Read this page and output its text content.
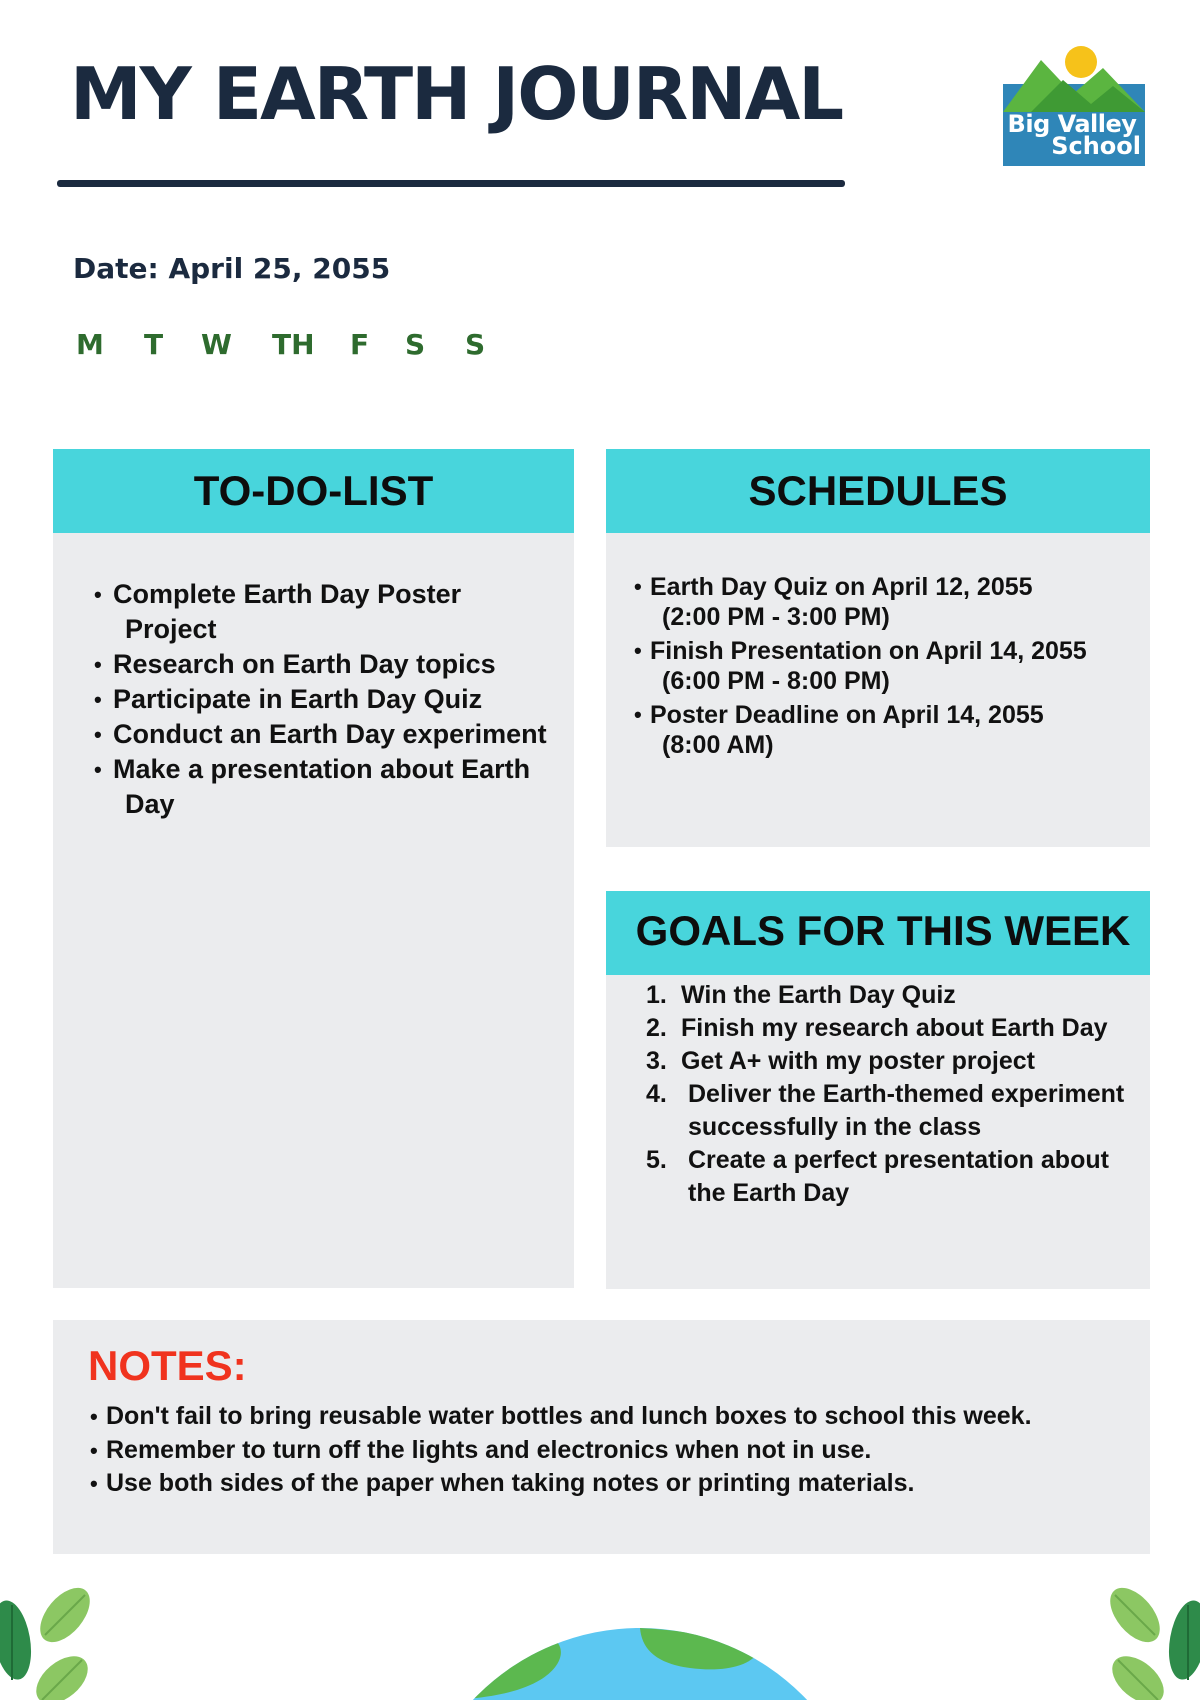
MY EARTH JOURNAL	Big Valley
School
Date: April 25, 2055
M T W TH F S S
TO-DO-LIST
• Complete Earth Day Poster Project
• Research on Earth Day topics
• Participate in Earth Day Quiz
• Conduct an Earth Day experiment
• Make a presentation about Earth Day
SCHEDULES
• Earth Day Quiz on April 12, 2055
(2:00 PM - 3:00 PM)
• Finish Presentation on April 14, 2055
(6:00 PM - 8:00 PM)
• Poster Deadline on April 14, 2055
(8:00 AM)
GOALS FOR THIS WEEK
1. Win the Earth Day Quiz
2. Finish my research about Earth Day
3. Get A+ with my poster project
4. Deliver the Earth-themed experiment successfully in the class
5. Create a perfect presentation about the Earth Day
NOTES:
• Don't fail to bring reusable water bottles and lunch boxes to school this week.
• Remember to turn off the lights and electronics when not in use.
• Use both sides of the paper when taking notes or printing materials.
